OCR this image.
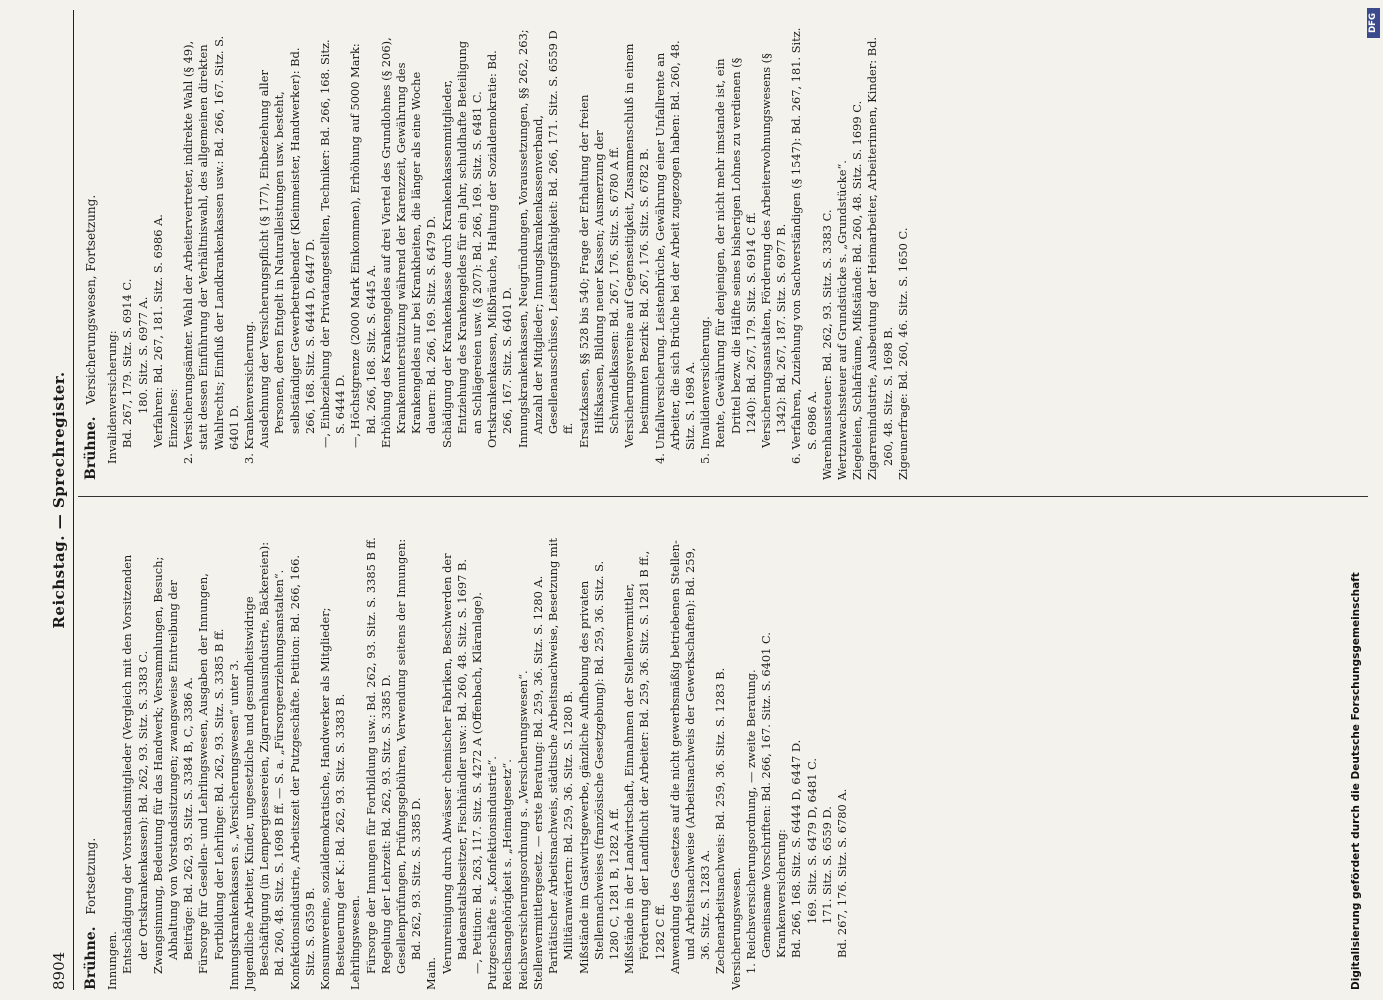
8904
Reichstag. — Sprechregister.
Brühne. Fortsetzung.

Innungen. Entschädigung der Vorstandsmitglieder (Vergleich mit den Vorsitzenden der Ortskrankenkassen): Bd. 262, 93. Sitz. S. 3383 C. Zwangsinnung, Bedeutung für das Handwerk; Versammlungen, Besuch; Abhaltung von Vorstandssitzungen; zwangsweise Eintreibung der Beiträge: Bd. 262, 93. Sitz. S. 3384 B, C, 3386 A. Fürsorge für Gesellen- und Lehrlingswesen, Ausgaben der Innungen, Fortbildung der Lehrlinge: Bd. 262, 93. Sitz. S. 3385 B ff. Innungskrankenkassen s. „Versicherungswesen“ unter 3. Jugendliche Arbeiter, Kinder, ungesetzliche und gesundheitswidrige Beschäftigung (in Lempergiessereien, Zigarrenhausindustrie, Bäckereien): Bd. 260, 48. Sitz. S. 1698 B ff. — S. a. „Fürsorgeerziehungsanstalten“. Konfektionsindustrie, Arbeitszeit der Putzgeschäfte. Petition: Bd. 266, 166. Sitz. S. 6359 B. Konsumvereine, sozialdemokratische, Handwerker als Mitglieder; Besteuerung der K.: Bd. 262, 93. Sitz. S. 3383 B. Lehrlingswesen. Fürsorge der Innungen für Fortbildung usw.: Bd. 262, 93. Sitz. S. 3385 B ff. Regelung der Lehrzeit: Bd. 262, 93. Sitz. S. 3385 D. Gesellenprüfungen, Prüfungsgebühren, Verwendung seitens der Innungen: Bd. 262, 93. Sitz. S. 3385 D.

Main. Verunreinigung durch Abwässer chemischer Fabriken, Beschwerden der Badeanstaltsbesitzer, Fischhändler usw.: Bd. 260, 48. Sitz. S. 1697 B. —, Petition: Bd. 263, 117. Sitz. S. 4272 A (Offenbach, Kläranlage). Putzgeschäfte s. „Konfektionsindustrie“. Reichsangehörigkeit s. „Heimatgesetz“. Reichsversicherungsordnung s. „Versicherungswesen“. Stellenvermittlergesetz. — erste Beratung: Bd. 259, 36. Sitz. S. 1280 A. Paritätischer Arbeitsnachweis, städtische Arbeitsnachweise, Besetzung mit Militäranwärtern: Bd. 259, 36. Sitz. S. 1280 B. Mißstände im Gastwirtsgewerbe, gänzliche Aufhebung des privaten Stellennachweises (französische Gesetzgebung): Bd. 259, 36. Sitz. S. 1280 C, 1281 B, 1282 A ff. Mißstände in der Landwirtschaft, Einnahmen der Stellenvermittler, Förderung der Landflucht der Arbeiter: Bd. 259, 36. Sitz. S. 1281 B ff., 1282 C ff. Anwendung des Gesetzes auf die nicht gewerbsmäßig betriebenen Stellen- und Arbeitsnachweise (Arbeitsnachweis der Gewerkschaften): Bd. 259, 36. Sitz. S. 1283 A. Zechenarbeitsnachweis: Bd. 259, 36. Sitz. S. 1283 B. Versicherungswesen. 1. Reichsversicherungsordnung, — zweite Beratung. Gemeinsame Vorschriften: Bd. 266, 167. Sitz. S. 6401 C. Krankenversicherung: Bd. 266, 168. Sitz. S. 6444 D, 6447 D. 169. Sitz. S. 6479 D, 6481 C. 171. Sitz. S. 6559 D. Bd. 267, 176. Sitz. S. 6780 A.

Brühne. Versicherungswesen, Fortsetzung. Invalidenversicherung: Bd. 267, 179. Sitz. S. 6914 C. 180. Sitz. S. 6977 A. Verfahren: Bd. 267, 181. Sitz. S. 6986 A. Einzelnes: 2. Versicherungsämter. Wahl der Arbeitervertreter, indirekte Wahl (§ 49), statt dessen Einführung der Verhältniswahl, des allgemeinen direkten Wahlrechts; Einfluß der Landkrankenkassen usw.: Bd. 266, 167. Sitz. S. 6401 D. 3. Krankenversicherung. Ausdehnung der Versicherungspflicht (§ 177), Einbeziehung aller Personen, deren Entgelt in Naturalleistungen usw. besteht, selbständiger Gewerbetreibender (Kleinmeister, Handwerker): Bd. 266, 168. Sitz. S. 6444 D, 6447 D. —, Einbeziehung der Privatangestellten, Techniker: Bd. 266, 168. Sitz. S. 6444 D. —, Höchstgrenze (2000 Mark Einkommen), Erhöhung auf 5000 Mark: Bd. 266, 168. Sitz. S. 6445 A. Erhöhung des Krankengeldes auf drei Viertel des Grundlohnes (§ 206), Krankenunterstützung während der Karenzzeit, Gewährung des Krankengeldes nur bei Krankheiten, die länger als eine Woche dauern: Bd. 266, 169. Sitz. S. 6479 D. Schädigung der Krankenkasse durch Krankenkassenmitglieder, Entziehung des Krankengeldes für ein Jahr, schuldhafte Beteiligung an Schlägereien usw. (§ 207): Bd. 266, 169. Sitz. S. 6481 C. Ortskrankenkassen, Mißbräuche, Haltung der Sozialdemokratie: Bd. 266, 167. Sitz. S. 6401 D. Innungskrankenkassen, Neugründungen, Voraussetzungen, §§ 262, 263; Anzahl der Mitglieder; Innungskrankenkassenverband, Gesellenausschüsse, Leistungsfähigkeit: Bd. 266, 171. Sitz. S. 6559 D ff. Ersatzkassen, §§ 528 bis 540; Frage der Erhaltung der freien Hilfskassen, Bildung neuer Kassen; Ausmerzung der Schwindelkassen: Bd. 267, 176. Sitz. S. 6780 A ff. Versicherungsvereine auf Gegenseitigkeit, Zusammenschluß in einem bestimmten Bezirk: Bd. 267, 176. Sitz. S. 6782 B. 4. Unfallversicherung. Leistenbrüche, Gewährung einer Unfallrente an Arbeiter, die sich Brüche bei der Arbeit zugezogen haben: Bd. 260, 48. Sitz. S. 1698 A. 5. Invalidenversicherung. Rente, Gewährung für denjenigen, der nicht mehr imstande ist, ein Drittel bezw. die Hälfte seines bisherigen Lohnes zu verdienen (§ 1240): Bd. 267, 179. Sitz. S. 6914 C ff. Versicherungsanstalten, Förderung des Arbeiterwohnungswesens (§ 1342): Bd. 267, 187. Sitz. S. 6977 B. 6. Verfahren, Zuziehung von Sachverständigen (§ 1547): Bd. 267, 181. Sitz. S. 6986 A. Warenhaussteuer: Bd. 262, 93. Sitz. S. 3383 C. Wertzuwachssteuer auf Grundstücke s. „Grundstücke“. Ziegeleien, Schlafräume, Mißstände: Bd. 260, 48. Sitz. S. 1699 C. Zigarrenindustrie, Ausbeutung der Heimarbeiter, Arbeiterinnen, Kinder: Bd. 260, 48. Sitz. S. 1698 B. Zigeunerfrage: Bd. 260, 46. Sitz. S. 1650 C.

Digitalisierung gefördert durch die Deutsche Forschungsgemeinschaft
DFG
